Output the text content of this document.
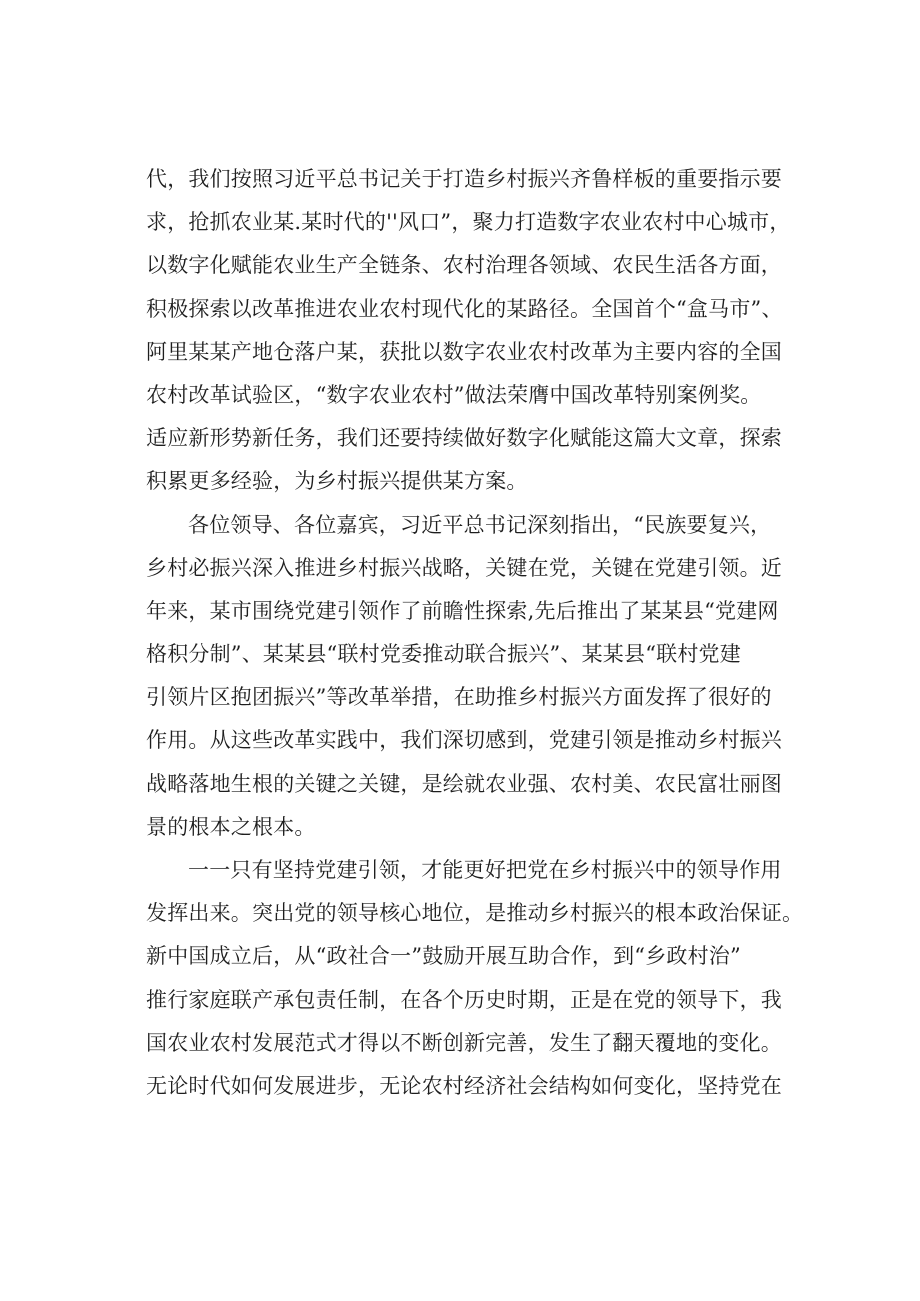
代，我们按照习近平总书记关于打造乡村振兴齐鲁样板的重要指示要
求，抢抓农业某.某时代的''风口”，聚力打造数字农业农村中心城市，
以数字化赋能农业生产全链条、农村治理各领域、农民生活各方面，
积极探索以改革推进农业农村现代化的某路径。全国首个“盒马市”、
阿里某某产地仓落户某，获批以数字农业农村改革为主要内容的全国
农村改革试验区，“数字农业农村”做法荣膺中国改革特别案例奖。
适应新形势新任务，我们还要持续做好数字化赋能这篇大文章，探索
积累更多经验，为乡村振兴提供某方案。
各位领导、各位嘉宾，习近平总书记深刻指出，“民族要复兴，
乡村必振兴深入推进乡村振兴战略，关键在党，关键在党建引领。近
年来，某市围绕党建引领作了前瞻性探索,先后推出了某某县“党建网
格积分制”、某某县“联村党委推动联合振兴”、某某县“联村党建
引领片区抱团振兴”等改革举措，在助推乡村振兴方面发挥了很好的
作用。从这些改革实践中，我们深切感到，党建引领是推动乡村振兴
战略落地生根的关键之关键，是绘就农业强、农村美、农民富壮丽图
景的根本之根本。
一一只有坚持党建引领，才能更好把党在乡村振兴中的领导作用
发挥出来。突出党的领导核心地位，是推动乡村振兴的根本政治保证。
新中国成立后，从“政社合一”鼓励开展互助合作，到“乡政村治”
推行家庭联产承包责任制，在各个历史时期，正是在党的领导下，我
国农业农村发展范式才得以不断创新完善，发生了翻天覆地的变化。
无论时代如何发展进步，无论农村经济社会结构如何变化，坚持党在
